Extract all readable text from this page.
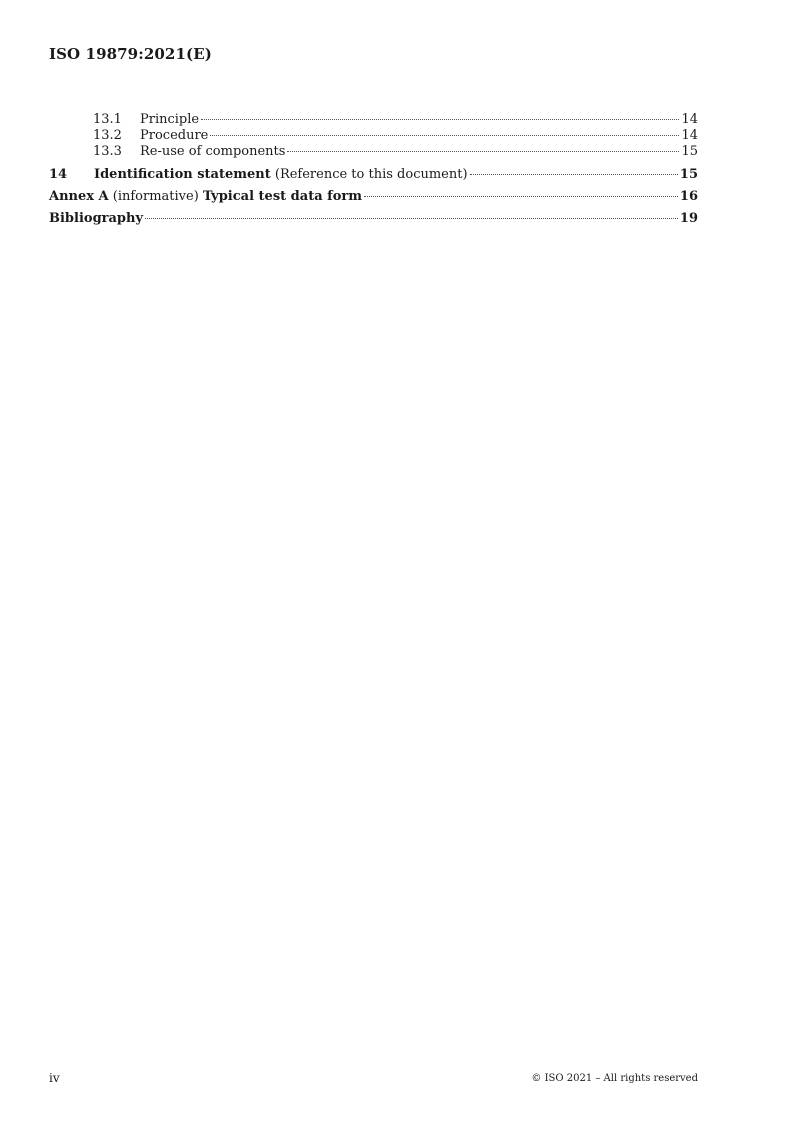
ISO 19879:2021(E)
13.1	Principle	14
13.2	Procedure	14
13.3	Re-use of components	15
14	Identification statement (Reference to this document)	15
Annex A (informative) Typical test data form	16
Bibliography	19
iv	© ISO 2021 – All rights reserved
